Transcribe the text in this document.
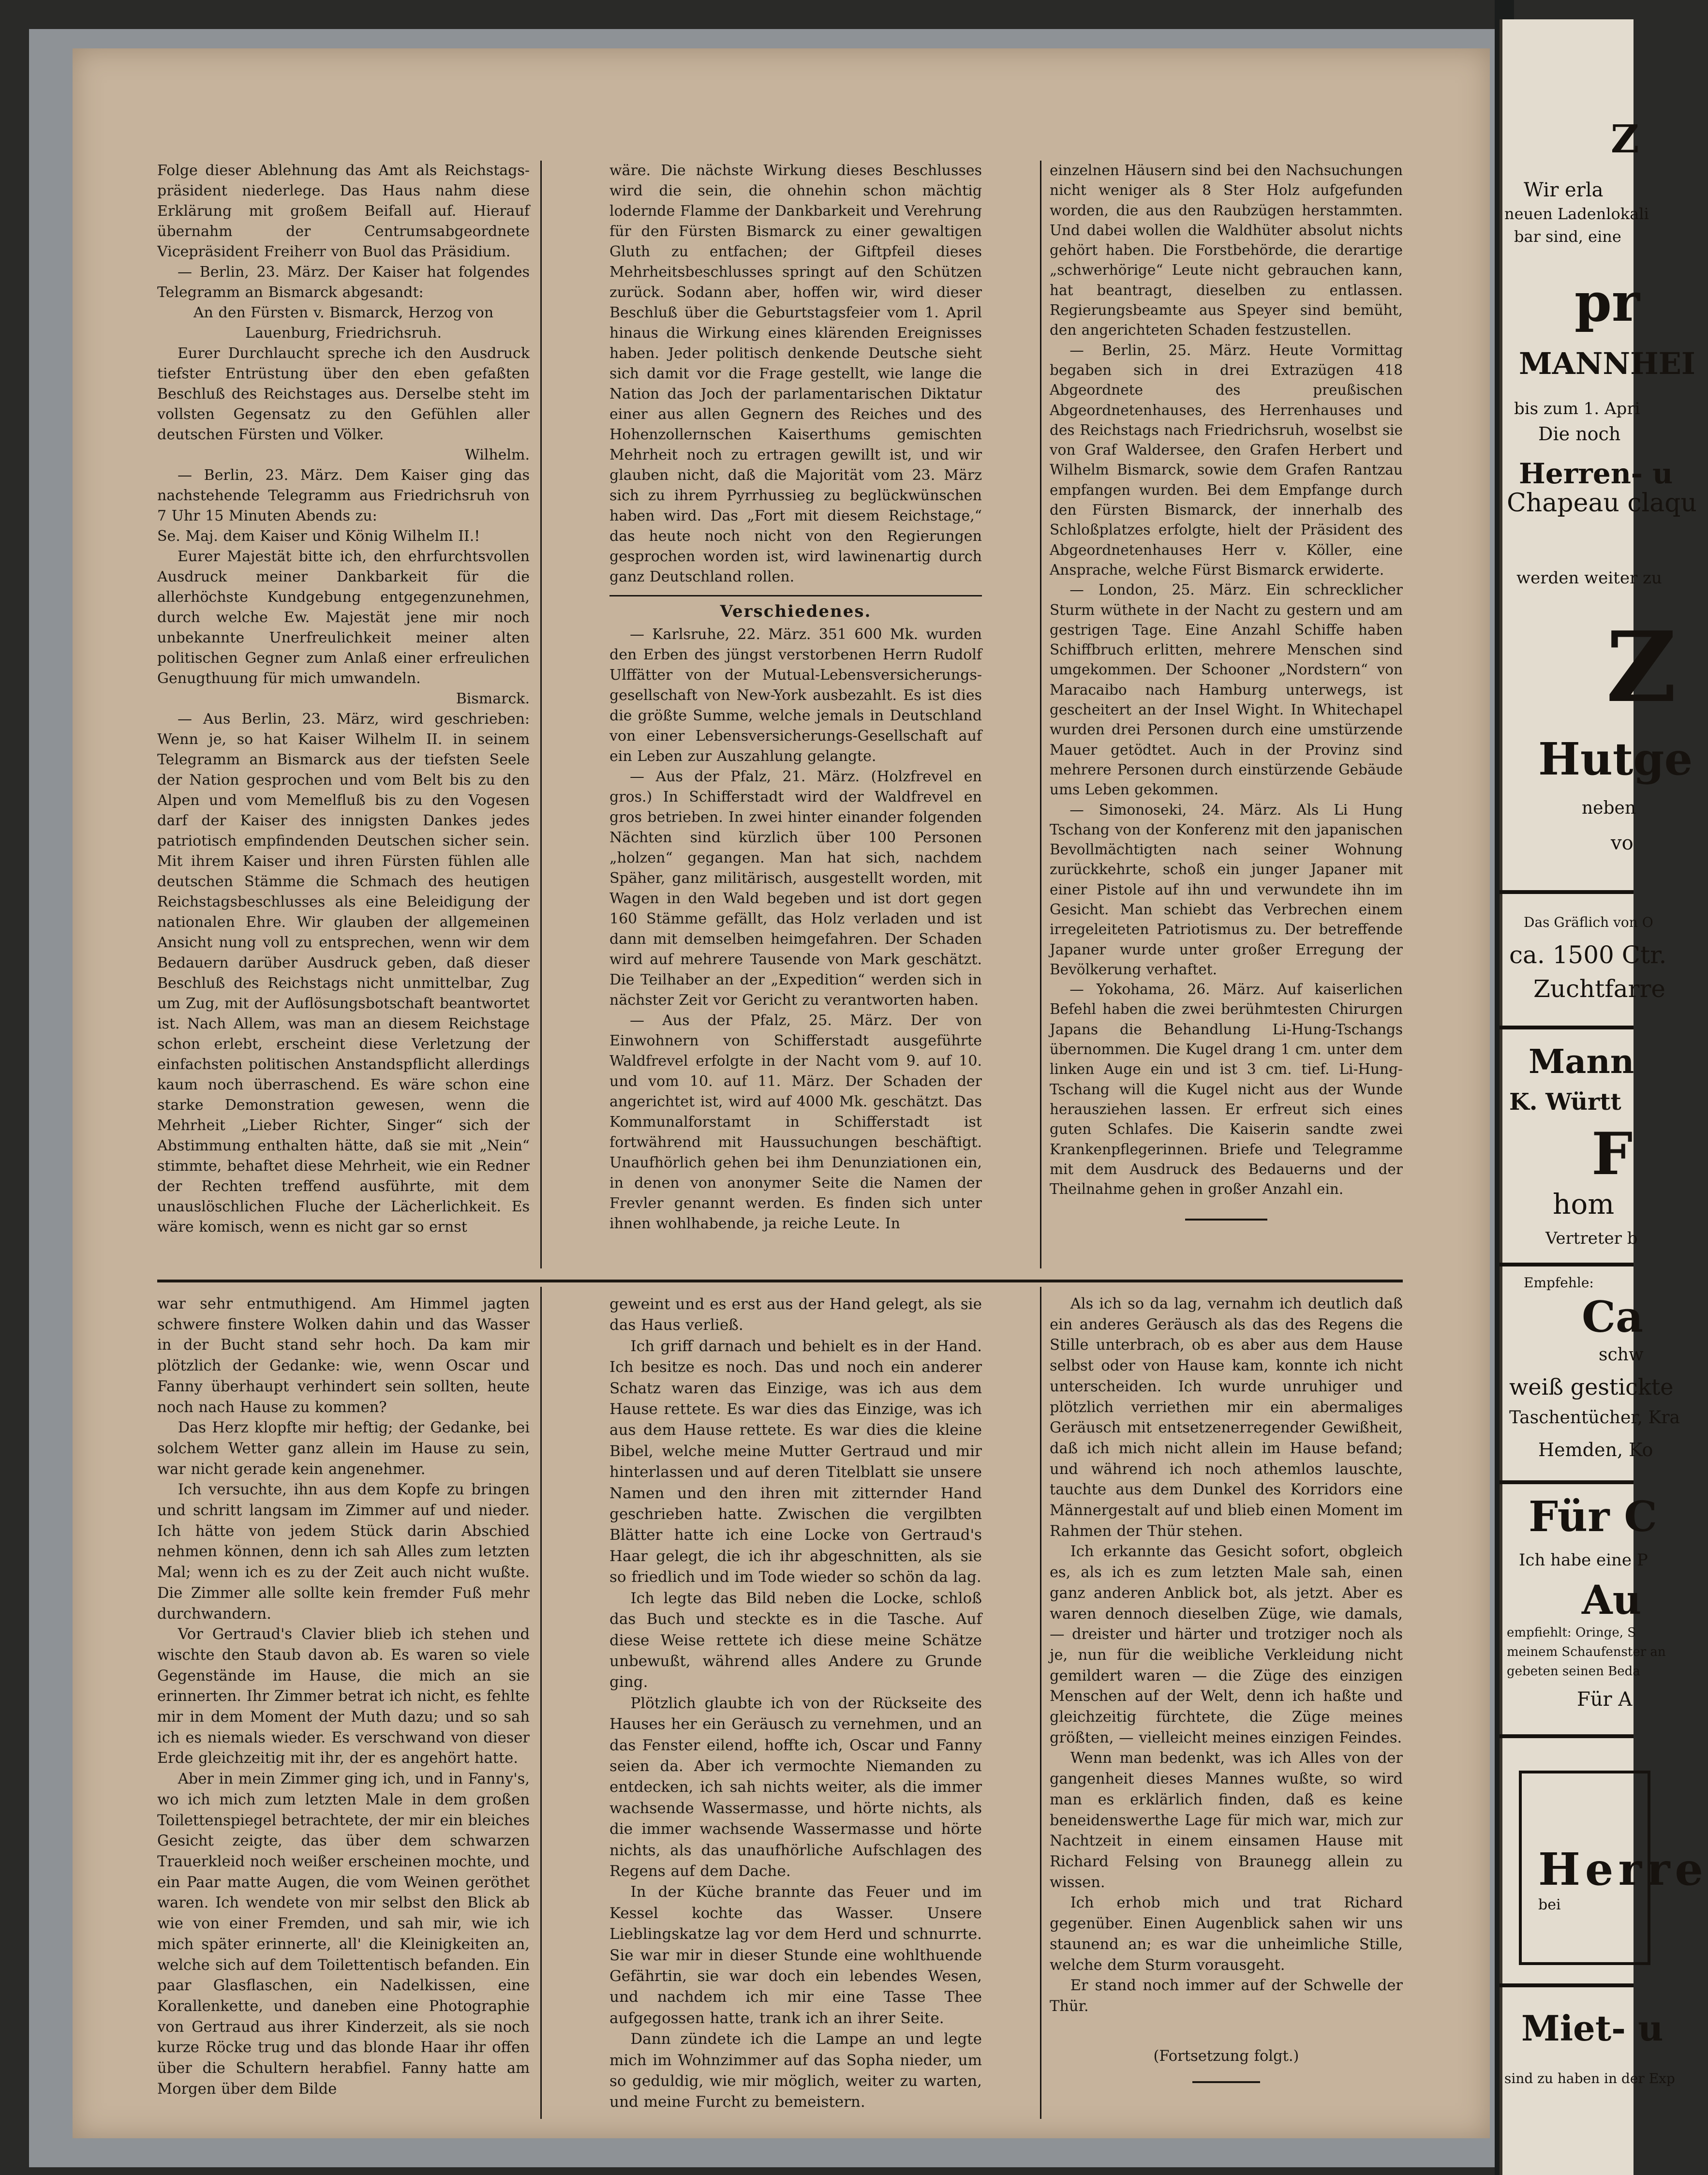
Folge dieser Ablehnung das Amt als Reichstags-präsident niederlege. Das Haus nahm diese Erklärung mit großem Beifall auf. Hierauf übernahm der Centrumsabgeordnete Vicepräsident Freiherr von Buol das Präsidium.

— Berlin, 23. März. Der Kaiser hat folgendes Telegramm an Bismarck abgesandt:

An den Fürsten v. Bismarck, Herzog von Lauenburg, Friedrichsruh.

Eurer Durchlaucht spreche ich den Ausdruck tiefster Entrüstung über den eben gefaßten Beschluß des Reichstages aus. Derselbe steht im vollsten Gegensatz zu den Gefühlen aller deutschen Fürsten und Völker.

Wilhelm.

— Berlin, 23. März. Dem Kaiser ging das nachstehende Telegramm aus Friedrichsruh von 7 Uhr 15 Minuten Abends zu:

Se. Maj. dem Kaiser und König Wilhelm II.!

Eurer Majestät bitte ich, den ehrfurchtsvollen Ausdruck meiner Dankbarkeit für die allerhöchste Kundgebung entgegenzunehmen, durch welche Ew. Majestät jene mir noch unbekannte Unerfreulichkeit meiner alten politischen Gegner zum Anlaß einer erfreulichen Genugthuung für mich umwandeln.

Bismarck.

— Aus Berlin, 23. März, wird geschrieben: Wenn je, so hat Kaiser Wilhelm II. in seinem Telegramm an Bismarck aus der tiefsten Seele der Nation gesprochen und vom Belt bis zu den Alpen und vom Memelfluß bis zu den Vogesen darf der Kaiser des innigsten Dankes jedes patriotisch empfindenden Deutschen sicher sein. Mit ihrem Kaiser und ihren Fürsten fühlen alle deutschen Stämme die Schmach des heutigen Reichstagsbeschlusses als eine Beleidigung der nationalen Ehre. Wir glauben der allgemeinen Ansicht nung voll zu entsprechen, wenn wir dem Bedauern darüber Ausdruck geben, daß dieser Beschluß des Reichstags nicht unmittelbar, Zug um Zug, mit der Auflösungsbotschaft beantwortet ist. Nach Allem, was man an diesem Reichstage schon erlebt, erscheint diese Verletzung der einfachsten politischen Anstandspflicht allerdings kaum noch überraschend. Es wäre schon eine starke Demonstration gewesen, wenn die Mehrheit „Lieber Richter, Singer“ sich der Abstimmung enthalten hätte, daß sie mit „Nein“ stimmte, behaftet diese Mehrheit, wie ein Redner der Rechten treffend ausführte, mit dem unauslöschlichen Fluche der Lächerlichkeit. Es wäre komisch, wenn es nicht gar so ernst

wäre. Die nächste Wirkung dieses Beschlusses wird die sein, die ohnehin schon mächtig lodernde Flamme der Dankbarkeit und Verehrung für den Fürsten Bismarck zu einer gewaltigen Gluth zu entfachen; der Giftpfeil dieses Mehrheitsbeschlusses springt auf den Schützen zurück. Sodann aber, hoffen wir, wird dieser Beschluß über die Geburtstagsfeier vom 1. April hinaus die Wirkung eines klärenden Ereignisses haben. Jeder politisch denkende Deutsche sieht sich damit vor die Frage gestellt, wie lange die Nation das Joch der parlamentarischen Diktatur einer aus allen Gegnern des Reiches und des Hohenzollernschen Kaiserthums gemischten Mehrheit noch zu ertragen gewillt ist, und wir glauben nicht, daß die Majorität vom 23. März sich zu ihrem Pyrrhussieg zu beglückwünschen haben wird. Das „Fort mit diesem Reichstage,“ das heute noch nicht von den Regierungen gesprochen worden ist, wird lawinenartig durch ganz Deutschland rollen.

Verschiedenes.

— Karlsruhe, 22. März. 351 600 Mk. wurden den Erben des jüngst verstorbenen Herrn Rudolf Ulffätter von der Mutual-Lebensversicherungs-gesellschaft von New-York ausbezahlt. Es ist dies die größte Summe, welche jemals in Deutschland von einer Lebensversicherungs-Gesellschaft auf ein Leben zur Auszahlung gelangte.

— Aus der Pfalz, 21. März. (Holzfrevel en gros.) In Schifferstadt wird der Waldfrevel en gros betrieben. In zwei hinter einander folgenden Nächten sind kürzlich über 100 Personen „holzen“ gegangen. Man hat sich, nachdem Späher, ganz militärisch, ausgestellt worden, mit Wagen in den Wald begeben und ist dort gegen 160 Stämme gefällt, das Holz verladen und ist dann mit demselben heimgefahren. Der Schaden wird auf mehrere Tausende von Mark geschätzt. Die Teilhaber an der „Expedition“ werden sich in nächster Zeit vor Gericht zu verantworten haben.

— Aus der Pfalz, 25. März. Der von Einwohnern von Schifferstadt ausgeführte Waldfrevel erfolgte in der Nacht vom 9. auf 10. und vom 10. auf 11. März. Der Schaden der angerichtet ist, wird auf 4000 Mk. geschätzt. Das Kommunalforstamt in Schifferstadt ist fortwährend mit Haussuchungen beschäftigt. Unaufhörlich gehen bei ihm Denunziationen ein, in denen von anonymer Seite die Namen der Frevler genannt werden. Es finden sich unter ihnen wohlhabende, ja reiche Leute. In

einzelnen Häusern sind bei den Nachsuchungen nicht weniger als 8 Ster Holz aufgefunden worden, die aus den Raubzügen herstammten. Und dabei wollen die Waldhüter absolut nichts gehört haben. Die Forstbehörde, die derartige „schwerhörige“ Leute nicht gebrauchen kann, hat beantragt, dieselben zu entlassen. Regierungsbeamte aus Speyer sind bemüht, den angerichteten Schaden festzustellen.

— Berlin, 25. März. Heute Vormittag begaben sich in drei Extrazügen 418 Abgeordnete des preußischen Abgeordnetenhauses, des Herrenhauses und des Reichstags nach Friedrichsruh, woselbst sie von Graf Waldersee, den Grafen Herbert und Wilhelm Bismarck, sowie dem Grafen Rantzau empfangen wurden. Bei dem Empfange durch den Fürsten Bismarck, der innerhalb des Schloßplatzes erfolgte, hielt der Präsident des Abgeordnetenhauses Herr v. Köller, eine Ansprache, welche Fürst Bismarck erwiderte.

— London, 25. März. Ein schrecklicher Sturm wüthete in der Nacht zu gestern und am gestrigen Tage. Eine Anzahl Schiffe haben Schiffbruch erlitten, mehrere Menschen sind umgekommen. Der Schooner „Nordstern“ von Maracaibo nach Hamburg unterwegs, ist gescheitert an der Insel Wight. In Whitechapel wurden drei Personen durch eine umstürzende Mauer getödtet. Auch in der Provinz sind mehrere Personen durch einstürzende Gebäude ums Leben gekommen.

— Simonoseki, 24. März. Als Li Hung Tschang von der Konferenz mit den japanischen Bevollmächtigten nach seiner Wohnung zurückkehrte, schoß ein junger Japaner mit einer Pistole auf ihn und verwundete ihn im Gesicht. Man schiebt das Verbrechen einem irregeleiteten Patriotismus zu. Der betreffende Japaner wurde unter großer Erregung der Bevölkerung verhaftet.

— Yokohama, 26. März. Auf kaiserlichen Befehl haben die zwei berühmtesten Chirurgen Japans die Behandlung Li-Hung-Tschangs übernommen. Die Kugel drang 1 cm. unter dem linken Auge ein und ist 3 cm. tief. Li-Hung-Tschang will die Kugel nicht aus der Wunde herausziehen lassen. Er erfreut sich eines guten Schlafes. Die Kaiserin sandte zwei Krankenpflegerinnen. Briefe und Telegramme mit dem Ausdruck des Bedauerns und der Theilnahme gehen in großer Anzahl ein.

war sehr entmuthigend. Am Himmel jagten schwere finstere Wolken dahin und das Wasser in der Bucht stand sehr hoch. Da kam mir plötzlich der Gedanke: wie, wenn Oscar und Fanny überhaupt verhindert sein sollten, heute noch nach Hause zu kommen?

Das Herz klopfte mir heftig; der Gedanke, bei solchem Wetter ganz allein im Hause zu sein, war nicht gerade kein angenehmer.

Ich versuchte, ihn aus dem Kopfe zu bringen und schritt langsam im Zimmer auf und nieder. Ich hätte von jedem Stück darin Abschied nehmen können, denn ich sah Alles zum letzten Mal; wenn ich es zu der Zeit auch nicht wußte. Die Zimmer alle sollte kein fremder Fuß mehr durchwandern.

Vor Gertraud's Clavier blieb ich stehen und wischte den Staub davon ab. Es waren so viele Gegenstände im Hause, die mich an sie erinnerten. Ihr Zimmer betrat ich nicht, es fehlte mir in dem Moment der Muth dazu; und so sah ich es niemals wieder. Es verschwand von dieser Erde gleichzeitig mit ihr, der es angehört hatte.

Aber in mein Zimmer ging ich, und in Fanny's, wo ich mich zum letzten Male in dem großen Toilettenspiegel betrachtete, der mir ein bleiches Gesicht zeigte, das über dem schwarzen Trauerkleid noch weißer erscheinen mochte, und ein Paar matte Augen, die vom Weinen geröthet waren. Ich wendete von mir selbst den Blick ab wie von einer Fremden, und sah mir, wie ich mich später erinnerte, all' die Kleinigkeiten an, welche sich auf dem Toilettentisch befanden. Ein paar Glasflaschen, ein Nadelkissen, eine Korallenkette, und daneben eine Photographie von Gertraud aus ihrer Kinderzeit, als sie noch kurze Röcke trug und das blonde Haar ihr offen über die Schultern herabfiel. Fanny hatte am Morgen über dem Bilde

geweint und es erst aus der Hand gelegt, als sie das Haus verließ.

Ich griff darnach und behielt es in der Hand. Ich besitze es noch. Das und noch ein anderer Schatz waren das Einzige, was ich aus dem Hause rettete. Es war dies das Einzige, was ich aus dem Hause rettete. Es war dies die kleine Bibel, welche meine Mutter Gertraud und mir hinterlassen und auf deren Titelblatt sie unsere Namen und den ihren mit zitternder Hand geschrieben hatte. Zwischen die vergilbten Blätter hatte ich eine Locke von Gertraud's Haar gelegt, die ich ihr abgeschnitten, als sie so friedlich und im Tode wieder so schön da lag.

Ich legte das Bild neben die Locke, schloß das Buch und steckte es in die Tasche. Auf diese Weise rettete ich diese meine Schätze unbewußt, während alles Andere zu Grunde ging.

Plötzlich glaubte ich von der Rückseite des Hauses her ein Geräusch zu vernehmen, und an das Fenster eilend, hoffte ich, Oscar und Fanny seien da. Aber ich vermochte Niemanden zu entdecken, ich sah nichts weiter, als die immer wachsende Wassermasse, und hörte nichts, als die immer wachsende Wassermasse und hörte nichts, als das unaufhörliche Aufschlagen des Regens auf dem Dache.

In der Küche brannte das Feuer und im Kessel kochte das Wasser. Unsere Lieblingskatze lag vor dem Herd und schnurrte. Sie war mir in dieser Stunde eine wohlthuende Gefährtin, sie war doch ein lebendes Wesen, und nachdem ich mir eine Tasse Thee aufgegossen hatte, trank ich an ihrer Seite.

Dann zündete ich die Lampe an und legte mich im Wohnzimmer auf das Sopha nieder, um so geduldig, wie mir möglich, weiter zu warten, und meine Furcht zu bemeistern.

Als ich so da lag, vernahm ich deutlich daß ein anderes Geräusch als das des Regens die Stille unterbrach, ob es aber aus dem Hause selbst oder von Hause kam, konnte ich nicht unterscheiden. Ich wurde unruhiger und plötzlich verriethen mir ein abermaliges Geräusch mit entsetzenerregender Gewißheit, daß ich mich nicht allein im Hause befand; und während ich noch athemlos lauschte, tauchte aus dem Dunkel des Korridors eine Männergestalt auf und blieb einen Moment im Rahmen der Thür stehen.

Ich erkannte das Gesicht sofort, obgleich es, als ich es zum letzten Male sah, einen ganz anderen Anblick bot, als jetzt. Aber es waren dennoch dieselben Züge, wie damals, — dreister und härter und trotziger noch als je, nun für die weibliche Verkleidung nicht gemildert waren — die Züge des einzigen Menschen auf der Welt, denn ich haßte und gleichzeitig fürchtete, die Züge meines größten, — vielleicht meines einzigen Feindes.

Wenn man bedenkt, was ich Alles von der gangenheit dieses Mannes wußte, so wird man es erklärlich finden, daß es keine beneidenswerthe Lage für mich war, mich zur Nachtzeit in einem einsamen Hause mit Richard Felsing von Braunegg allein zu wissen.

Ich erhob mich und trat Richard gegenüber. Einen Augenblick sahen wir uns staunend an; es war die unheimliche Stille, welche dem Sturm vorausgeht.

Er stand noch immer auf der Schwelle der Thür.

(Fortsetzung folgt.)

Z
Wir erla
neuen Ladenlokali
bar sind, eine
pr
MANNHEI
bis zum 1. Apri
Die noch
Herren- u
Chapeau claqu
werden weiter zu
Z
Hutge
neben
vo
Das Gräflich von O
ca. 1500 Ctr.
Zuchtfarre
Mann
K. Württ
F
hom
Vertreter b
Empfehle:
Ca
schw
weiß gestickte
Taschentücher, Kra
Hemden, Ko
Für C
Ich habe eine P
Au
empfiehlt: Oringe, S
meinem Schaufenster an
gebeten seinen Beda
Für A
Herre
bei
Miet- u
sind zu haben in der Exp
